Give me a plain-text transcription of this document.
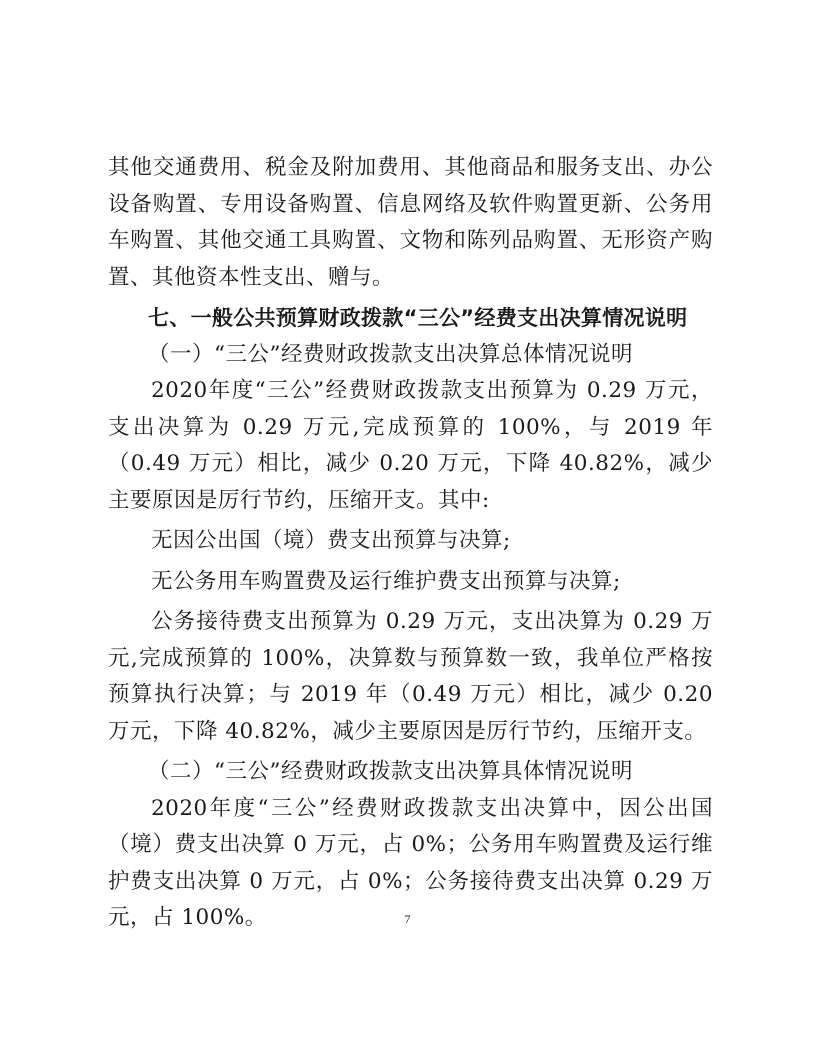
其他交通费用、税金及附加费用、其他商品和服务支出、办公设备购置、专用设备购置、信息网络及软件购置更新、公务用车购置、其他交通工具购置、文物和陈列品购置、无形资产购置、其他资本性支出、赠与。

七、一般公共预算财政拨款“三公”经费支出决算情况说明

（一）“三公”经费财政拨款支出决算总体情况说明

2020年度“三公”经费财政拨款支出预算为 0.29 万元，支出决算为 0.29 万元,完成预算的 100%，与 2019 年（0.49 万元）相比，减少 0.20 万元，下降 40.82%，减少主要原因是厉行节约，压缩开支。其中:

无因公出国（境）费支出预算与决算;

无公务用车购置费及运行维护费支出预算与决算;

公务接待费支出预算为 0.29 万元，支出决算为 0.29 万元,完成预算的 100%，决算数与预算数一致，我单位严格按预算执行决算；与 2019 年（0.49 万元）相比，减少 0.20 万元，下降 40.82%，减少主要原因是厉行节约，压缩开支。

（二）“三公”经费财政拨款支出决算具体情况说明

2020年度“三公”经费财政拨款支出决算中，因公出国（境）费支出决算 0 万元，占 0%；公务用车购置费及运行维护费支出决算 0 万元，占 0%；公务接待费支出决算 0.29 万元，占 100%。	7
